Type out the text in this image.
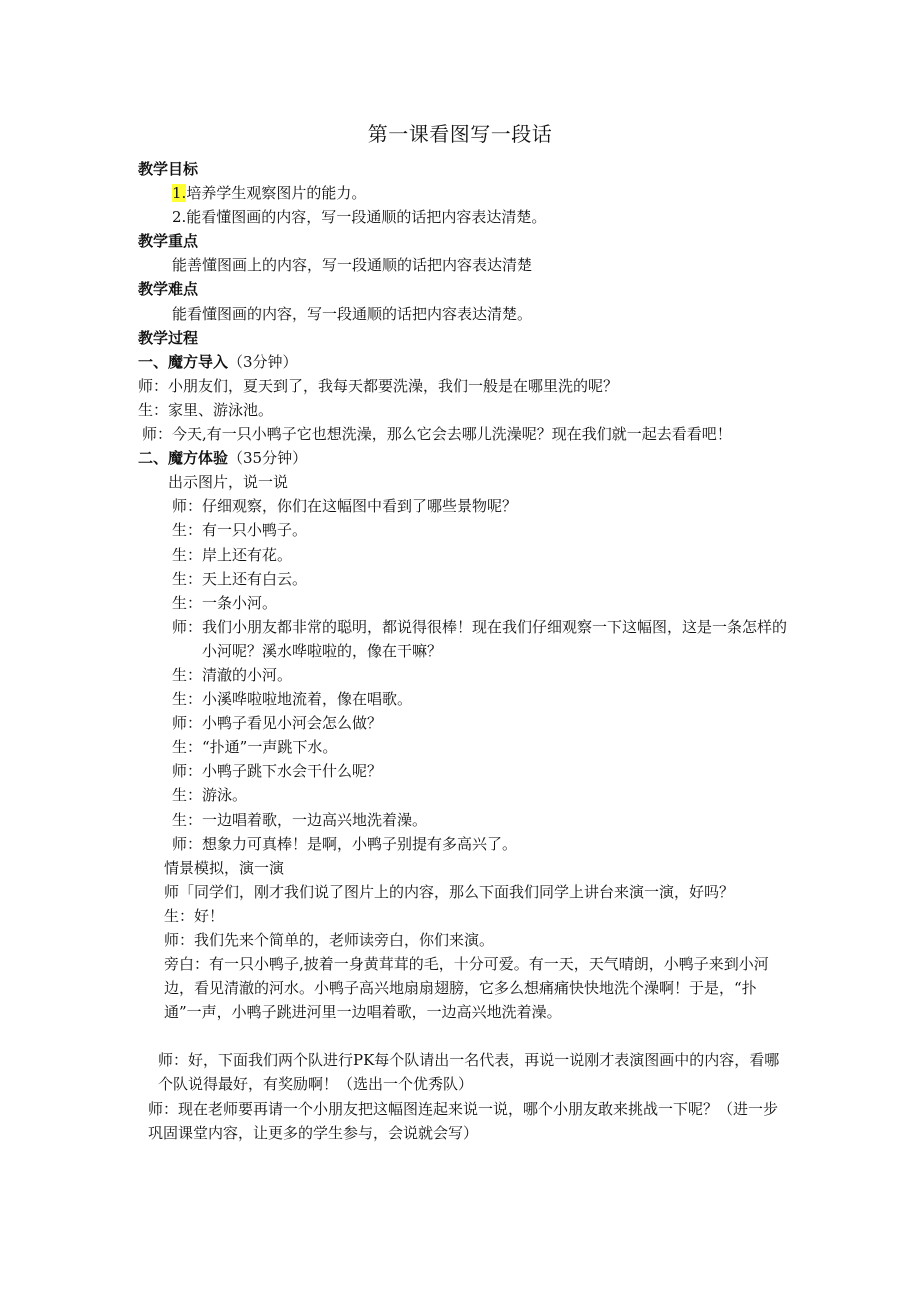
第一课看图写一段话

教学目标

1.培养学生观察图片的能力。

2.能看懂图画的内容，写一段通顺的话把内容表达清楚。

教学重点

能善懂图画上的内容，写一段通顺的话把内容表达清楚

教学难点

能看懂图画的内容，写一段通顺的话把内容表达清楚。

教学过程

一、魔方导入（3分钟）

师：小朋友们，夏天到了，我每天都要洗澡，我们一般是在哪里洗的呢？

生：家里、游泳池。

师：今天,有一只小鸭子它也想洗澡，那么它会去哪儿洗澡呢？现在我们就一起去看看吧！

二、魔方体验（35分钟）

出示图片，说一说

师：仔细观察，你们在这幅图中看到了哪些景物呢？

生：有一只小鸭子。

生：岸上还有花。

生：天上还有白云。

生：一条小河。

师：我们小朋友都非常的聪明，都说得很棒！现在我们仔细观察一下这幅图，这是一条怎样的小河呢？溪水哗啦啦的，像在干嘛？

生：清澈的小河。

生：小溪哗啦啦地流着，像在唱歌。

师：小鸭子看见小河会怎么做？

生：“扑通”一声跳下水。

师：小鸭子跳下水会干什么呢？

生：游泳。

生：一边唱着歌，一边高兴地洗着澡。

师：想象力可真棒！是啊，小鸭子别提有多高兴了。

情景模拟，演一演

师「同学们，刚才我们说了图片上的内容，那么下面我们同学上讲台来演一演，好吗？

生：好！

师：我们先来个简单的，老师读旁白，你们来演。

旁白：有一只小鸭子,披着一身黄茸茸的毛，十分可爱。有一天，天气晴朗，小鸭子来到小河边，看见清澈的河水。小鸭子高兴地扇扇翅膀，它多么想痛痛快快地洗个澡啊！于是，“扑通”一声，小鸭子跳进河里一边唱着歌，一边高兴地洗着澡。

师：好，下面我们两个队进行PK每个队请出一名代表，再说一说刚才表演图画中的内容，看哪个队说得最好，有奖励啊！（选出一个优秀队）

师：现在老师要再请一个小朋友把这幅图连起来说一说，哪个小朋友敢来挑战一下呢？（进一步巩固课堂内容，让更多的学生参与，会说就会写）
